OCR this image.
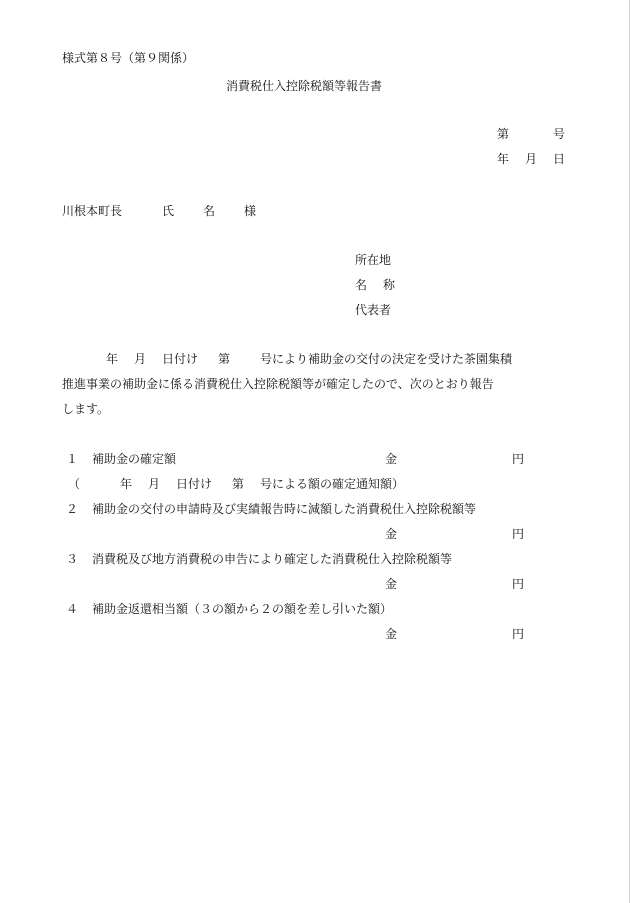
様式第８号（第９関係）
消費税仕入控除税額等報告書
第	号
年 月 日
川根本町長	氏 名 様
所在地
名 称
代表者
年 月 日付け 第 号により補助金の交付の決定を受けた茶園集積
推進事業の補助金に係る消費税仕入控除税額等が確定したので、次のとおり報告
します。
１ 補助金の確定額	金	円
（	年 月 日付け 第 号による額の確定通知額）
２ 補助金の交付の申請時及び実績報告時に減額した消費税仕入控除税額等
金	円
３ 消費税及び地方消費税の申告により確定した消費税仕入控除税額等
金	円
４ 補助金返還相当額（３の額から２の額を差し引いた額）
金	円
